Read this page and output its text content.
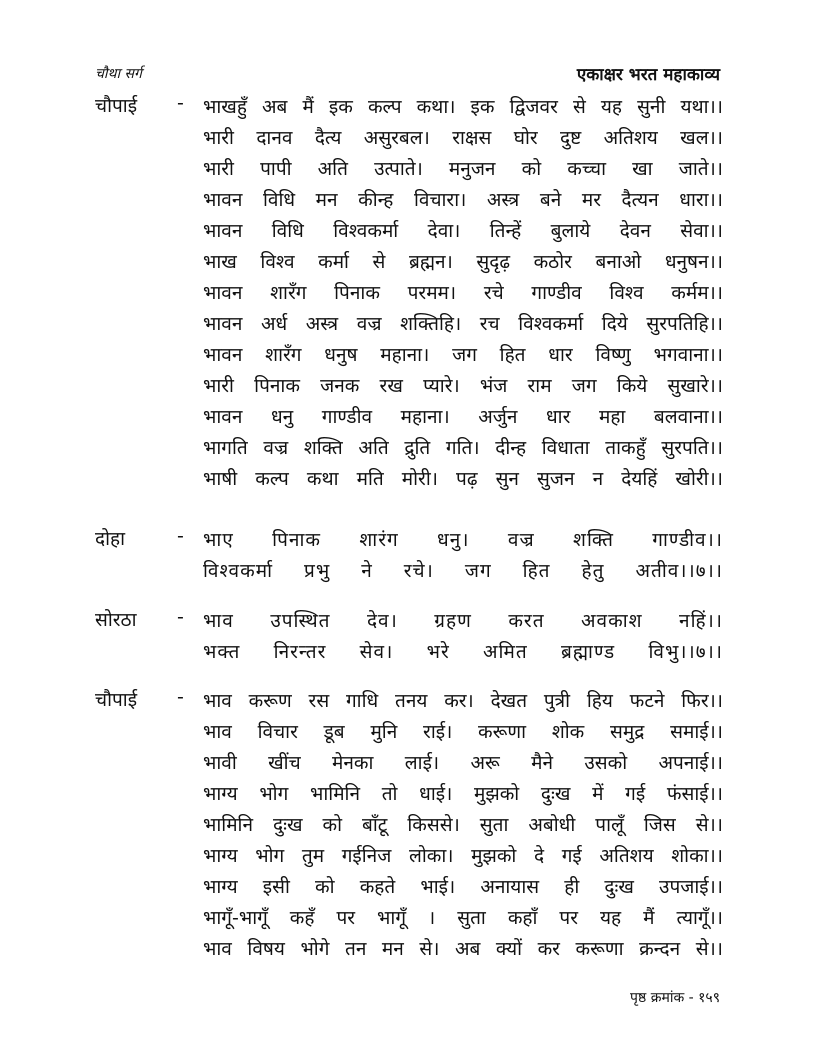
चौथा सर्ग	एकाक्षर भरत महाकाव्य
चौपाई - भाखहुँ अब मैं इक कल्प कथा। इक द्विजवर से यह सुनी यथा।।
भारी दानव दैत्य असुरबल। राक्षस घोर दुष्ट अतिशय खल।।
भारी पापी अति उत्पाते। मनुजन को कच्चा खा जाते।।
भावन विधि मन कीन्ह विचारा। अस्त्र बने मर दैत्यन धारा।।
भावन विधि विश्वकर्मा देवा। तिन्हें बुलाये देवन सेवा।।
भाख विश्व कर्मा से ब्रह्मन। सुदृढ़ कठोर बनाओ धनुषन।।
भावन शारँग पिनाक परमम। रचे गाण्डीव विश्व कर्मम।।
भावन अर्ध अस्त्र वज्र शक्तिहि। रच विश्वकर्मा दिये सुरपतिहि।।
भावन शारँग धनुष महाना। जग हित धार विष्णु भगवाना।।
भारी पिनाक जनक रख प्यारे। भंज राम जग किये सुखारे।।
भावन धनु गाण्डीव महाना। अर्जुन धार महा बलवाना।।
भागति वज्र शक्ति अति द्रुति गति। दीन्ह विधाता ताकहुँ सुरपति।।
भाषी कल्प कथा मति मोरी। पढ़ सुन सुजन न देयहिं खोरी।।
दोहा	- भाए पिनाक शारंग धनु। वज्र शक्ति गाण्डीव।।
विश्वकर्मा प्रभु ने रचे। जग हित हेतु अतीव।।७।।
सोरठा - भाव उपस्थित देव। ग्रहण करत अवकाश नहिं।।
भक्त निरन्तर सेव। भरे अमित ब्रह्माण्ड विभु।।७।।
चौपाई - भाव करूण रस गाधि तनय कर। देखत पुत्री हिय फटने फिर।।
भाव विचार डूब मुनि राई। करूणा शोक समुद्र समाई।।
भावी खींच मेनका लाई। अरू मैने उसको अपनाई।।
भाग्य भोग भामिनि तो धाई। मुझको दुःख में गई फंसाई।।
भामिनि दुःख को बाँटू किससे। सुता अबोधी पालूँ जिस से।।
भाग्य भोग तुम गईनिज लोका। मुझको दे गई अतिशय शोका।।
भाग्य इसी को कहते भाई। अनायास ही दुःख उपजाई।।
भागूँ-भागूँ कहँ पर भागूँ । सुता कहाँ पर यह मैं त्यागूँ।।
भाव विषय भोगे तन मन से। अब क्यों कर करूणा क्रन्दन से।।
पृष्ठ क्रमांक - १५९
